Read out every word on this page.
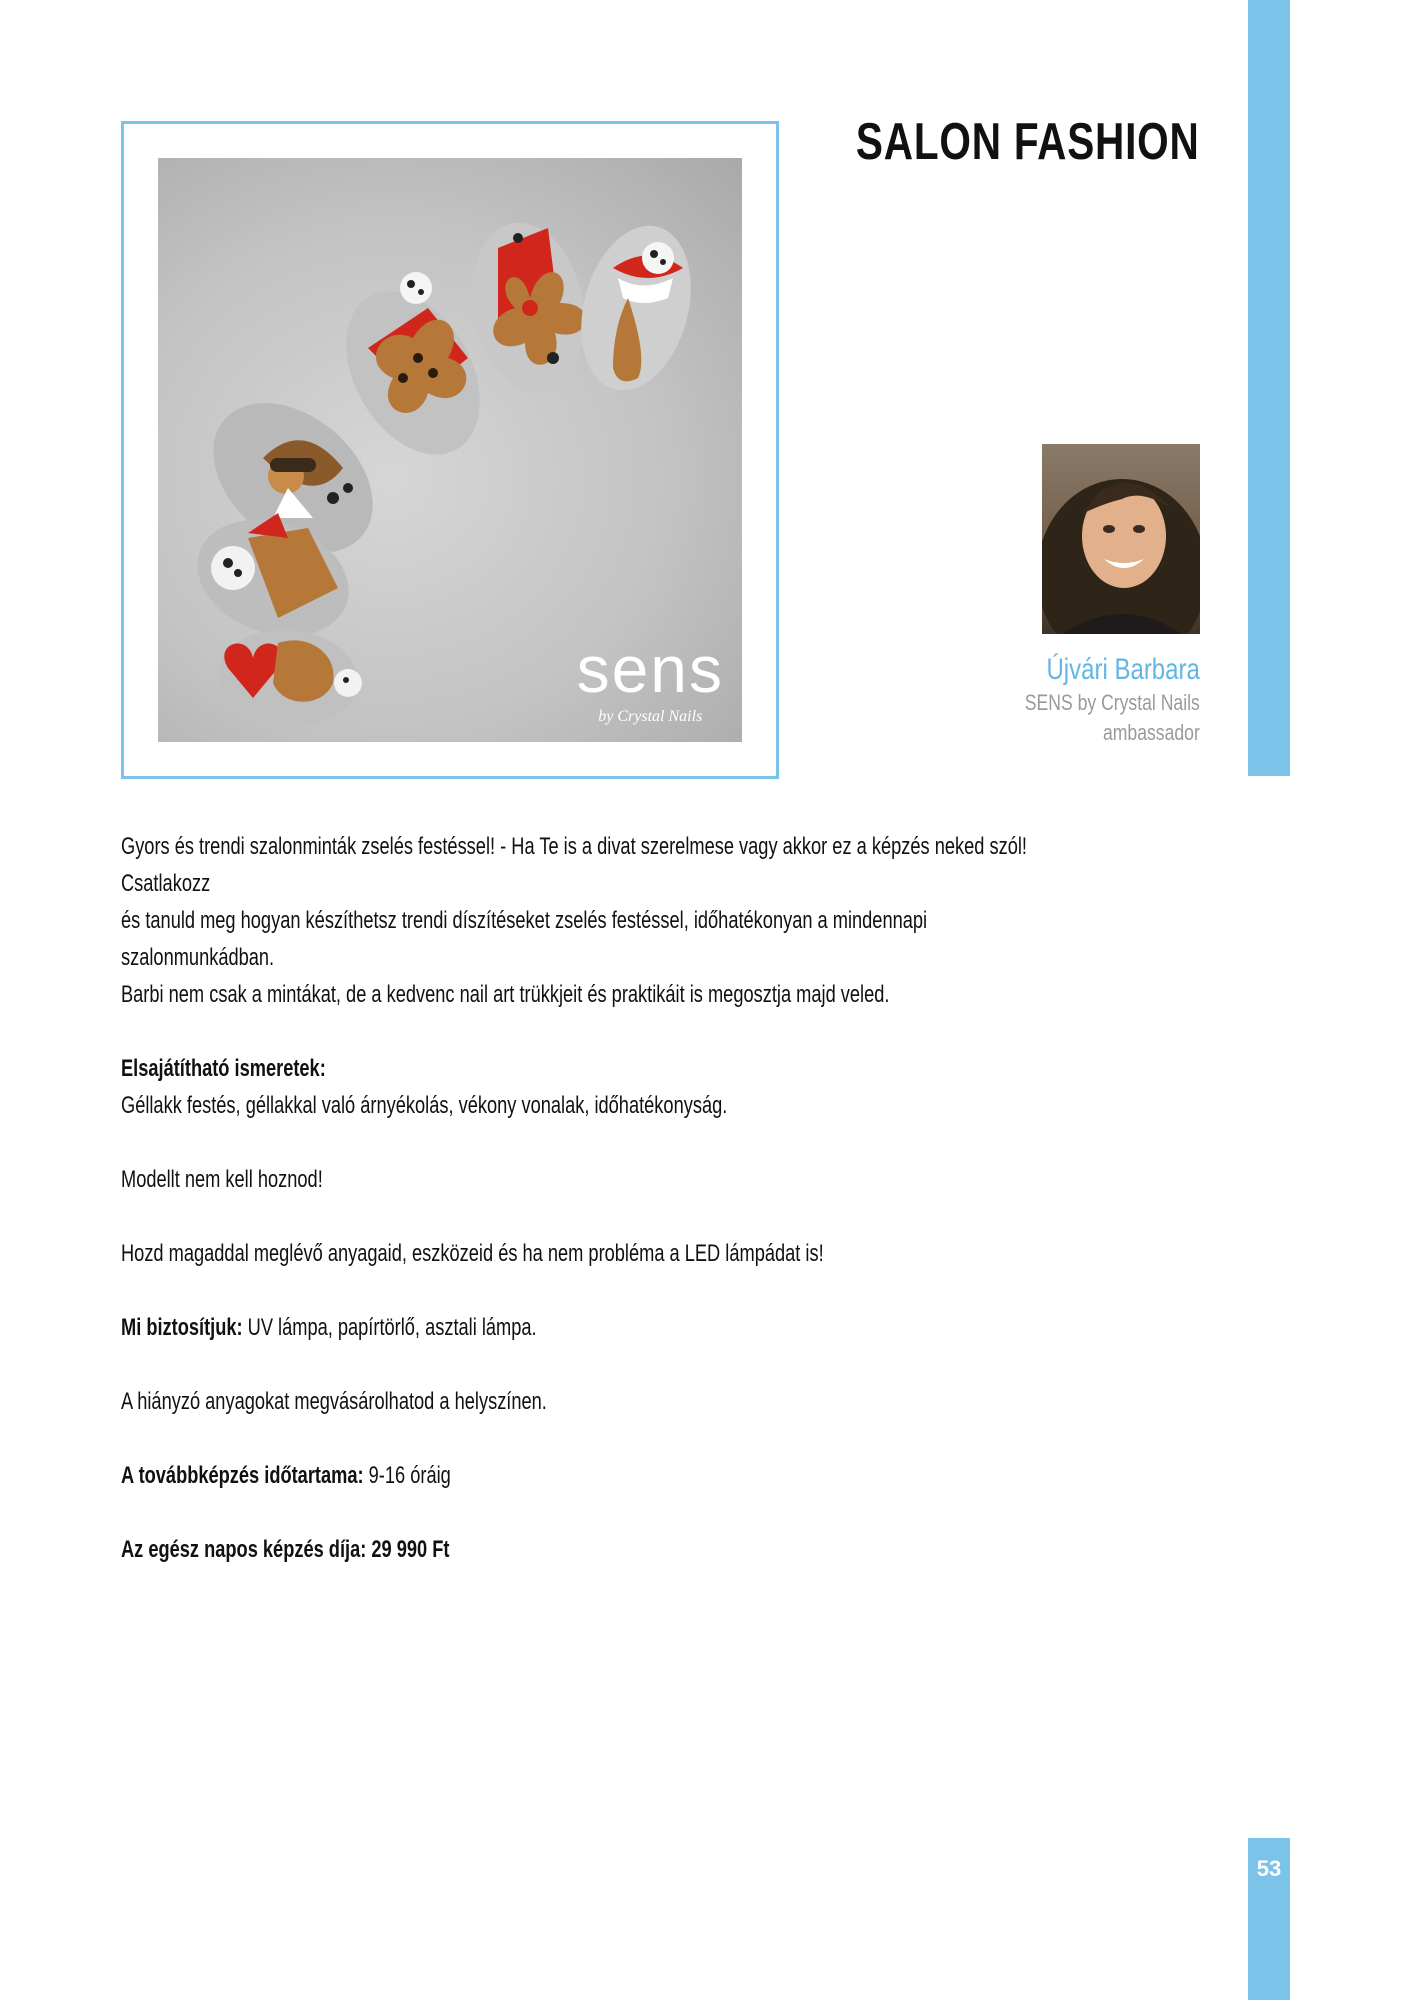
sens
by Crystal Nails
SALON FASHION
Újvári Barbara
SENS by Crystal Nails
ambassador

Gyors és trendi szalonminták zselés festéssel! - Ha Te is a divat szerelmese vagy akkor ez a képzés neked szól! Csatlakozz

és tanuld meg hogyan készíthetsz trendi díszítéseket zselés festéssel, időhatékonyan a mindennapi szalonmunkádban.

Barbi nem csak a mintákat, de a kedvenc nail art trükkjeit és praktikáit is megosztja majd veled.

Elsajátítható ismeretek:

Géllakk festés, géllakkal való árnyékolás, vékony vonalak, időhatékonyság.

Modellt nem kell hoznod!

Hozd magaddal meglévő anyagaid, eszközeid és ha nem probléma a LED lámpádat is!

Mi biztosítjuk: UV lámpa, papírtörlő, asztali lámpa.

A hiányzó anyagokat megvásárolhatod a helyszínen.

A továbbképzés időtartama: 9-16 óráig

Az egész napos képzés díja: 29 990 Ft

53
